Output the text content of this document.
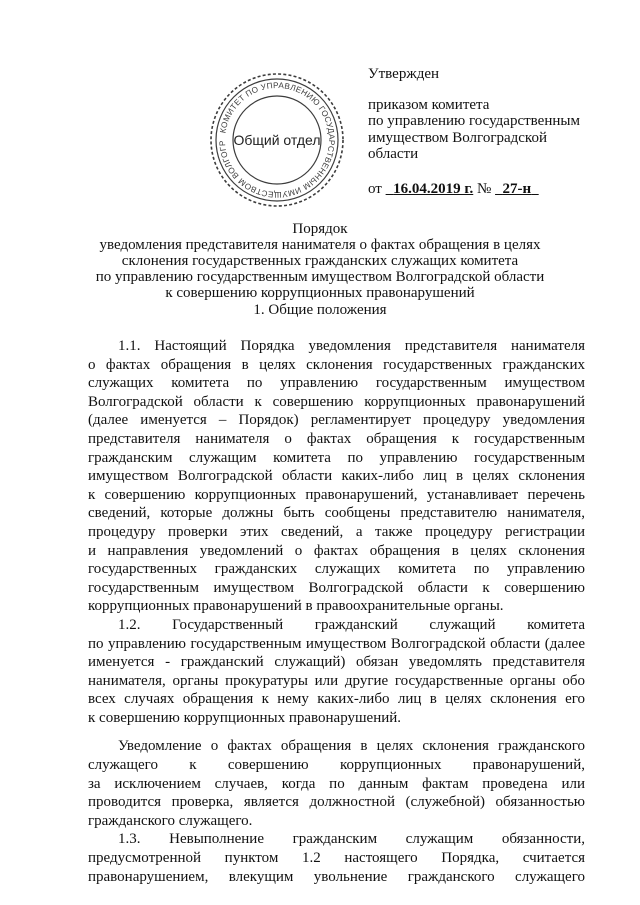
КОМИТЕТ ПО УПРАВЛЕНИЮ ГОСУДАРСТВЕННЫМ ИМУЩЕСТВОМ ВОЛГОГР Общий отдел
Утвержден
приказом комитета
по управлению государственным
имуществом Волгоградской
области
от 16.04.2019 г. № 27-н
Порядок
уведомления представителя нанимателя о фактах обращения в целях
склонения государственных гражданских служащих комитета
по управлению государственным имуществом Волгоградской области
к совершению коррупционных правонарушений
1. Общие положения
1.1. Настоящий Порядка уведомления представителя нанимателя
о фактах обращения в целях склонения государственных гражданских
служащих комитета по управлению государственным имуществом
Волгоградской области к совершению коррупционных правонарушений
(далее именуется – Порядок) регламентирует процедуру уведомления
представителя нанимателя о фактах обращения к государственным
гражданским служащим комитета по управлению государственным
имуществом Волгоградской области каких-либо лиц в целях склонения
к совершению коррупционных правонарушений, устанавливает перечень
сведений, которые должны быть сообщены представителю нанимателя,
процедуру проверки этих сведений, а также процедуру регистрации
и направления уведомлений о фактах обращения в целях склонения
государственных гражданских служащих комитета по управлению
государственным имуществом Волгоградской области к совершению
коррупционных правонарушений в правоохранительные органы.
1.2. Государственный гражданский служащий комитета
по управлению государственным имуществом Волгоградской области (далее
именуется - гражданский служащий) обязан уведомлять представителя
нанимателя, органы прокуратуры или другие государственные органы обо
всех случаях обращения к нему каких-либо лиц в целях склонения его
к совершению коррупционных правонарушений.
Уведомление о фактах обращения в целях склонения гражданского
служащего к совершению коррупционных правонарушений,
за исключением случаев, когда по данным фактам проведена или
проводится проверка, является должностной (служебной) обязанностью
гражданского служащего.
1.3. Невыполнение гражданским служащим обязанности,
предусмотренной пунктом 1.2 настоящего Порядка, считается
правонарушением, влекущим увольнение гражданского служащего
